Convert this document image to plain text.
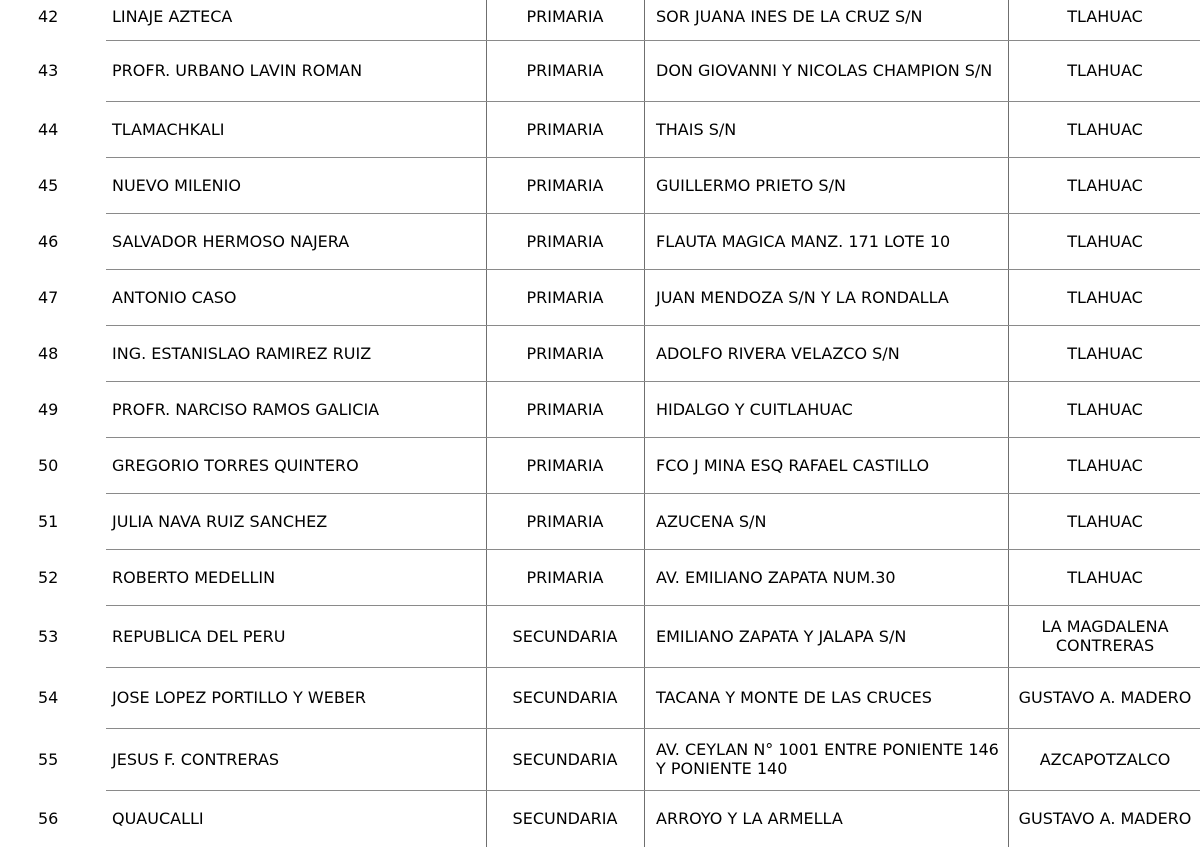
42	LINAJE AZTECA	PRIMARIA	SOR JUANA INES DE LA CRUZ S/N	TLAHUAC
43	PROFR. URBANO LAVIN ROMAN	PRIMARIA	DON GIOVANNI Y NICOLAS CHAMPION S/N	TLAHUAC
44	TLAMACHKALI	PRIMARIA	THAIS S/N	TLAHUAC
45	NUEVO MILENIO	PRIMARIA	GUILLERMO PRIETO S/N	TLAHUAC
46	SALVADOR HERMOSO NAJERA	PRIMARIA	FLAUTA MAGICA MANZ. 171 LOTE 10	TLAHUAC
47	ANTONIO CASO	PRIMARIA	JUAN MENDOZA S/N Y LA RONDALLA	TLAHUAC
48	ING. ESTANISLAO RAMIREZ RUIZ	PRIMARIA	ADOLFO RIVERA VELAZCO S/N	TLAHUAC
49	PROFR. NARCISO RAMOS GALICIA	PRIMARIA	HIDALGO Y CUITLAHUAC	TLAHUAC
50	GREGORIO TORRES QUINTERO	PRIMARIA	FCO J MINA ESQ RAFAEL CASTILLO	TLAHUAC
51	JULIA NAVA RUIZ SANCHEZ	PRIMARIA	AZUCENA S/N	TLAHUAC
52	ROBERTO MEDELLIN	PRIMARIA	AV. EMILIANO ZAPATA NUM.30	TLAHUAC
53	REPUBLICA DEL PERU	SECUNDARIA	EMILIANO ZAPATA Y JALAPA S/N	LA MAGDALENA CONTRERAS
54	JOSE LOPEZ PORTILLO Y WEBER	SECUNDARIA	TACANA Y MONTE DE LAS CRUCES	GUSTAVO A. MADERO
55	JESUS F. CONTRERAS	SECUNDARIA	AV. CEYLAN N° 1001 ENTRE PONIENTE 146 Y PONIENTE 140	AZCAPOTZALCO
56	QUAUCALLI	SECUNDARIA	ARROYO Y LA ARMELLA	GUSTAVO A. MADERO
